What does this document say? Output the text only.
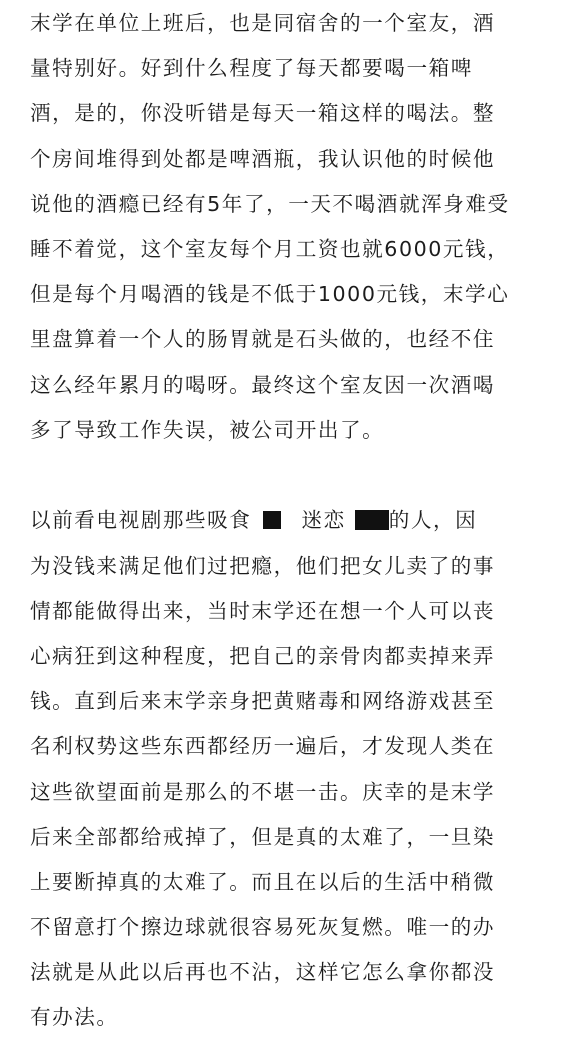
末学在单位上班后，也是同宿舍的一个室友，酒
量特别好。好到什么程度了每天都要喝一箱啤
酒，是的，你没听错是每天一箱这样的喝法。整
个房间堆得到处都是啤酒瓶，我认识他的时候他
说他的酒瘾已经有5年了，一天不喝酒就浑身难受
睡不着觉，这个室友每个月工资也就6000元钱，
但是每个月喝酒的钱是不低于1000元钱，末学心
里盘算着一个人的肠胃就是石头做的，也经不住
这么经年累月的喝呀。最终这个室友因一次酒喝
多了导致工作失误，被公司开出了。
以前看电视剧那些吸食 迷恋 的人，因
为没钱来满足他们过把瘾，他们把女儿卖了的事
情都能做得出来，当时末学还在想一个人可以丧
心病狂到这种程度，把自己的亲骨肉都卖掉来弄
钱。直到后来末学亲身把黄赌毒和网络游戏甚至
名利权势这些东西都经历一遍后，才发现人类在
这些欲望面前是那么的不堪一击。庆幸的是末学
后来全部都给戒掉了，但是真的太难了，一旦染
上要断掉真的太难了。而且在以后的生活中稍微
不留意打个擦边球就很容易死灰复燃。唯一的办
法就是从此以后再也不沾，这样它怎么拿你都没
有办法。
